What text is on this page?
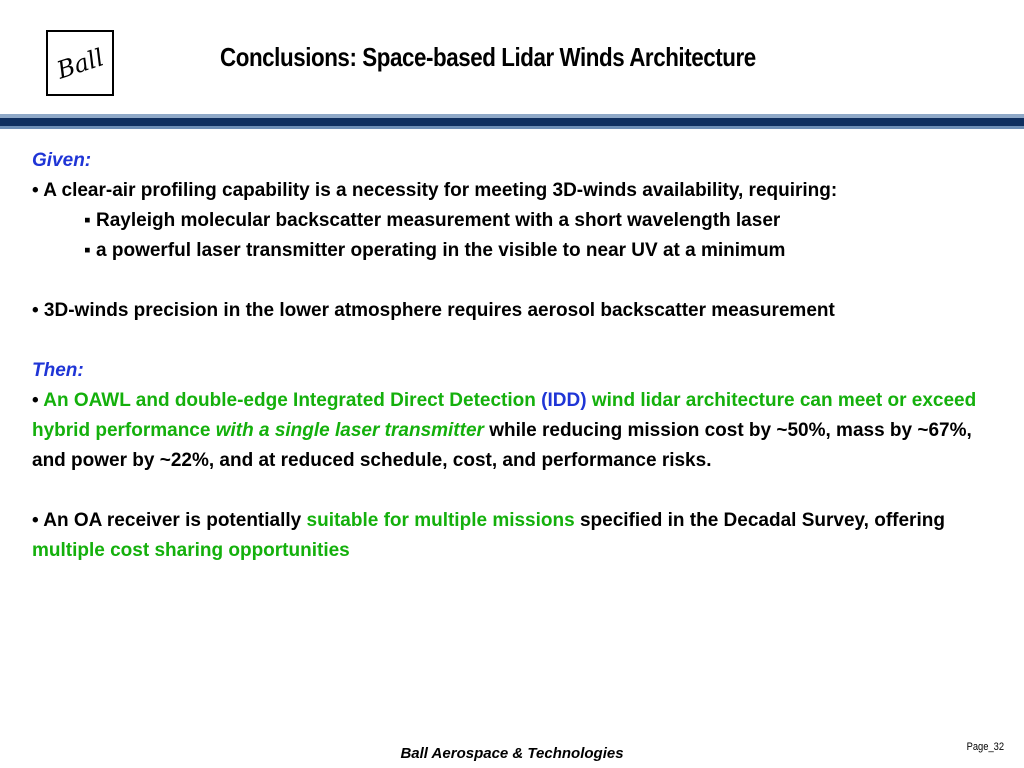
Ball	Conclusions: Space-based Lidar Winds Architecture

Given:

• A clear-air profiling capability is a necessity for meeting 3D-winds availability, requiring:

▪ Rayleigh molecular backscatter measurement with a short wavelength laser

▪ a powerful laser transmitter operating in the visible to near UV at a minimum

• 3D-winds precision in the lower atmosphere requires aerosol backscatter measurement

Then:

• An OAWL and double-edge Integrated Direct Detection (IDD) wind lidar architecture can meet or exceed hybrid performance with a single laser transmitter while reducing mission cost by ~50%, mass by ~67%, and power by ~22%, and at reduced schedule, cost, and performance risks.

• An OA receiver is potentially suitable for multiple missions specified in the Decadal Survey, offering multiple cost sharing opportunities

Ball Aerospace & Technologies	Page_32
